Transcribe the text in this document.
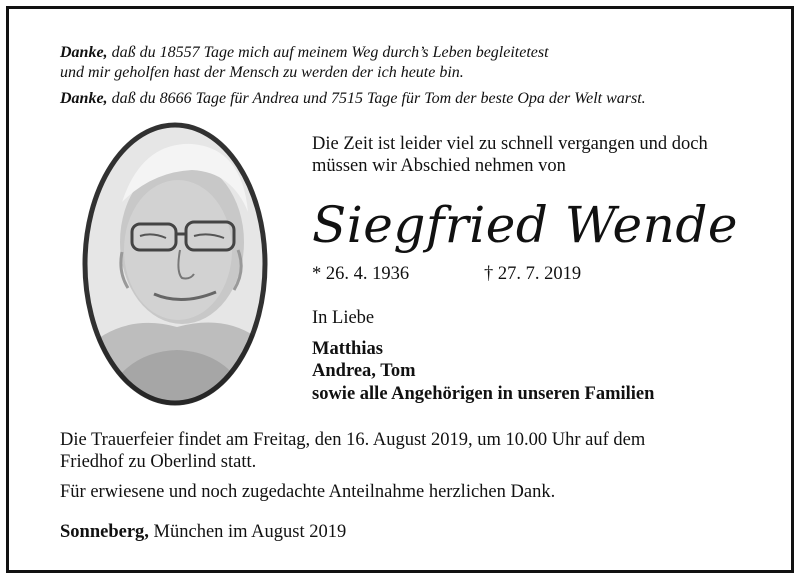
Danke, daß du 18557 Tage mich auf meinem Weg durch’s Leben begleitetest
und mir geholfen hast der Mensch zu werden der ich heute bin.
Danke, daß du 8666 Tage für Andrea und 7515 Tage für Tom der beste Opa der Welt warst.
Die Zeit ist leider viel zu schnell vergangen und doch
müssen wir Abschied nehmen von
Siegfried Wende
* 26. 4. 1936	† 27. 7. 2019
In Liebe
Matthias
Andrea, Tom
sowie alle Angehörigen in unseren Familien
Die Trauerfeier findet am Freitag, den 16. August 2019, um 10.00 Uhr auf dem
Friedhof zu Oberlind statt.
Für erwiesene und noch zugedachte Anteilnahme herzlichen Dank.
Sonneberg, München im August 2019
